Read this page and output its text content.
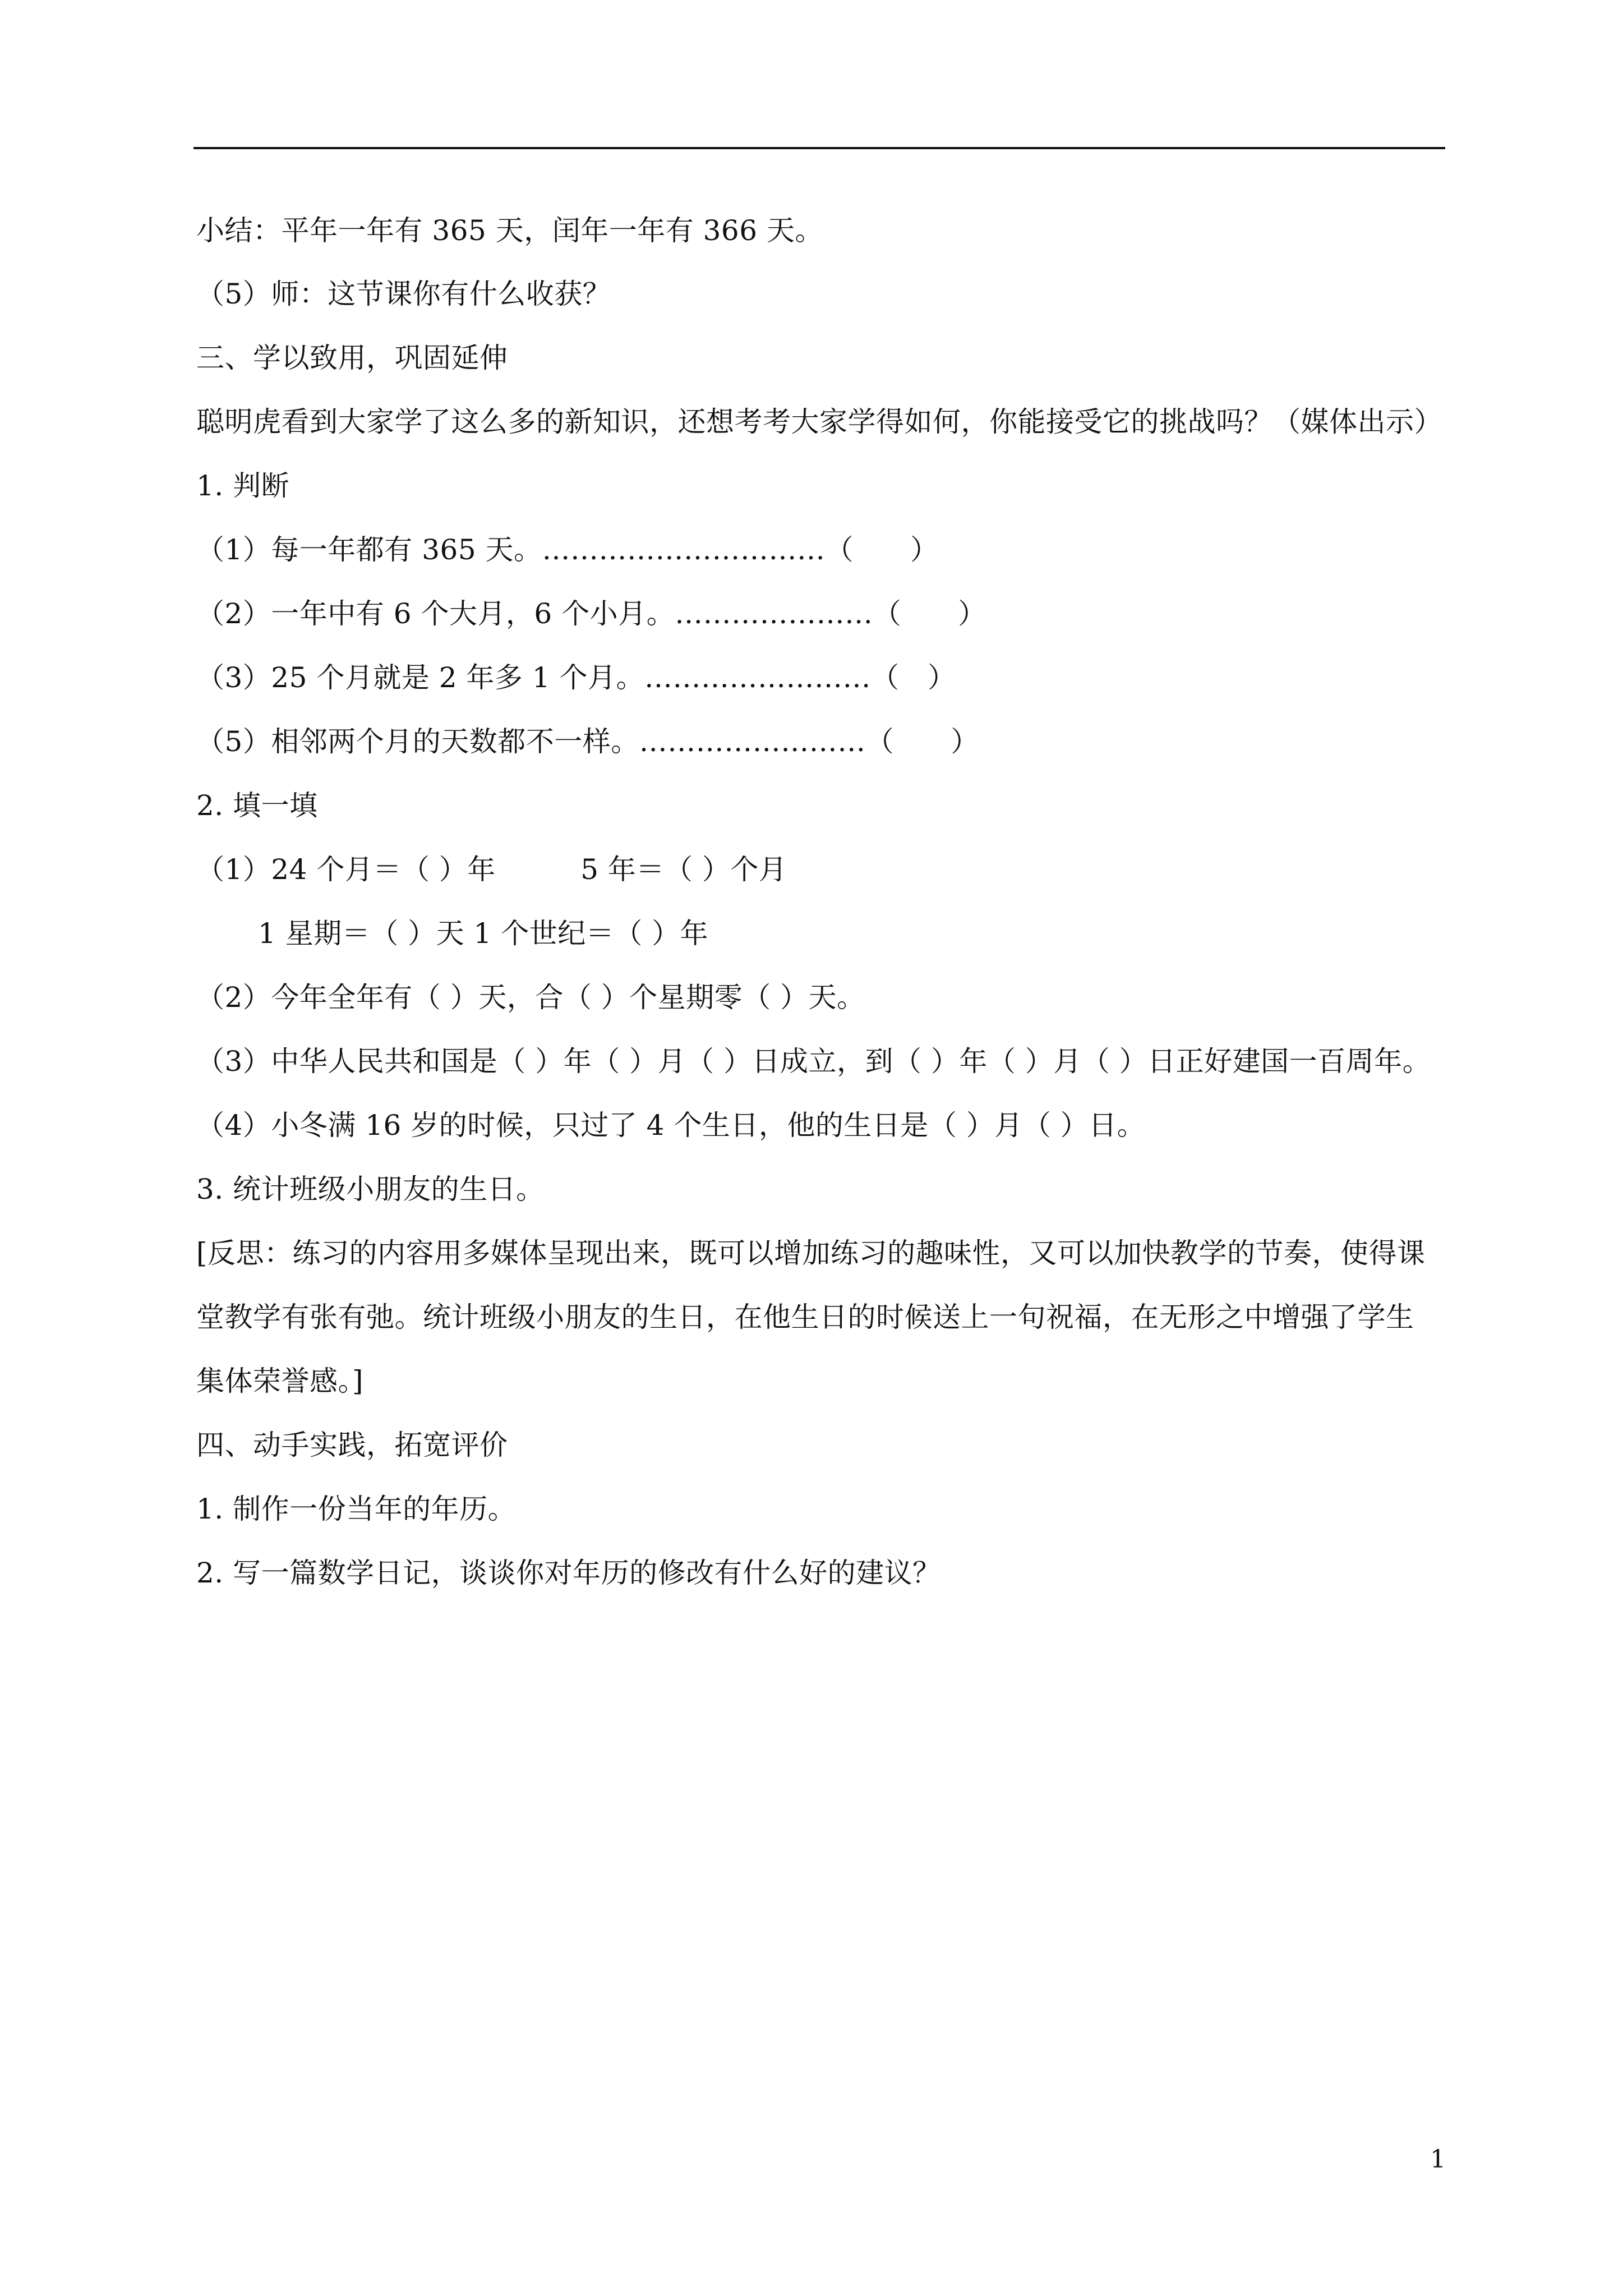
小结：平年一年有 365 天，闰年一年有 366 天。
（5）师：这节课你有什么收获？
三、学以致用，巩固延伸
聪明虎看到大家学了这么多的新知识，还想考考大家学得如何，你能接受它的挑战吗？（媒体出示）
1. 判断
（1）每一年都有 365 天。…………………………（　　）
（2）一年中有 6 个大月，6 个小月。…………………（　　）
（3）25 个月就是 2 年多 1 个月。……………………（　）
（5）相邻两个月的天数都不一样。……………………（　　）
2. 填一填
（1）24 个月＝（ ）年　　　5 年＝（ ）个月
1 星期＝（ ）天 1 个世纪＝（ ）年
（2）今年全年有（ ）天，合（ ）个星期零（ ）天。
（3）中华人民共和国是（ ）年（ ）月（ ）日成立，到（ ）年（ ）月（ ）日正好建国一百周年。
（4）小冬满 16 岁的时候，只过了 4 个生日，他的生日是（ ）月（ ）日。
3. 统计班级小朋友的生日。
[反思：练习的内容用多媒体呈现出来，既可以增加练习的趣味性，又可以加快教学的节奏，使得课
堂教学有张有弛。统计班级小朋友的生日，在他生日的时候送上一句祝福，在无形之中增强了学生
集体荣誉感。]
四、动手实践，拓宽评价
1. 制作一份当年的年历。
2. 写一篇数学日记，谈谈你对年历的修改有什么好的建议？
1
